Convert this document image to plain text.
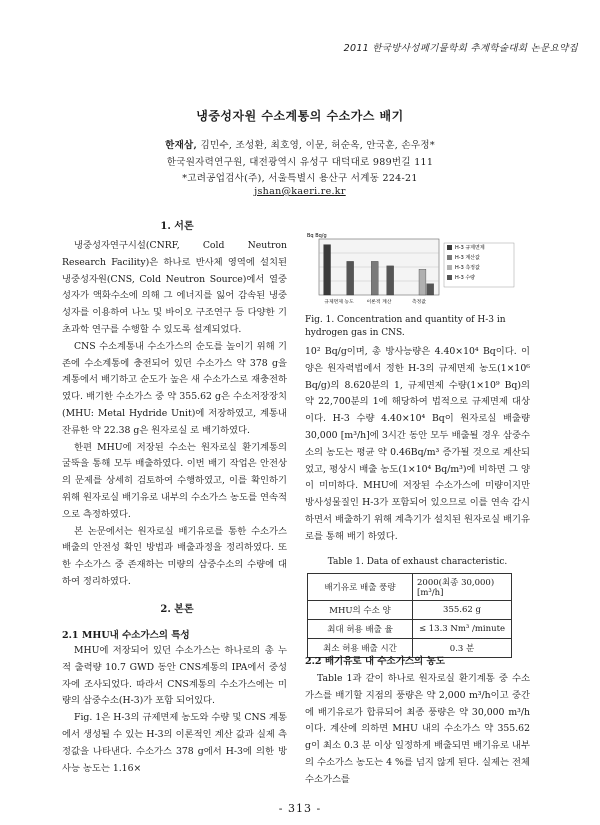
2011 한국방사성폐기물학회 추계학술대회 논문요약집
냉중성자원 수소계통의 수소가스 배기
한재삼, 김민수, 조성환, 최호영, 이문, 허순옥, 안국훈, 손우정*
한국원자력연구원, 대전광역시 유성구 대덕대로 989번길 111
*고려공업검사(주), 서울특별시 용산구 서계동 224-21
jshan@kaeri.re.kr
1. 서론

냉중성자연구시설(CNRF, Cold Neutron Research Facility)은 하나로 반사체 영역에 설치된 냉중성자원(CNS, Cold Neutron Source)에서 열중성자가 액화수소에 의해 그 에너지를 잃어 감속된 냉중성자를 이용하여 나노 및 바이오 구조연구 등 다양한 기초과학 연구를 수행할 수 있도록 설계되었다.

CNS 수소계통내 수소가스의 순도를 높이기 위해 기존에 수소계통에 충전되어 있던 수소가스 약 378 g을 계통에서 배기하고 순도가 높은 새 수소가스로 재충전하였다. 배기한 수소가스 중 약 355.62 g은 수소저장장치(MHU: Metal Hydride Unit)에 저장하였고, 계통내 잔류한 약 22.38 g은 원자로실 로 배기하였다.

한편 MHU에 저장된 수소는 원자로실 환기계통의 굴뚝을 통해 모두 배출하였다. 이번 배기 작업은 안전상의 문제를 상세히 검토하여 수행하였고, 이를 확인하기 위해 원자로실 배기유로 내부의 수소가스 농도를 연속적으로 측정하였다.

본 논문에서는 원자로실 배기유로를 통한 수소가스 배출의 안전성 확인 방법과 배출과정을 정리하였다. 또한 수소가스 중 존재하는 미량의 삼중수소의 수량에 대하여 정리하였다.

2. 본론
2.1 MHU내 수소가스의 특성

MHU에 저장되어 있던 수소가스는 하나로의 총 누적 출력량 10.7 GWD 동안 CNS계통의 IPA에서 중성자에 조사되었다. 따라서 CNS계통의 수소가스에는 미량의 삼중수소(H-3)가 포함 되어있다.

Fig. 1은 H-3의 규제면제 농도와 수량 및 CNS 계통에서 생성될 수 있는 H-3의 이론적인 계산 값과 실제 측정값을 나타낸다. 수소가스 378 g에서 H-3에 의한 방사능 농도는 1.16×

Bq Bq/g
규제면제 농도	이론적 계산	측정값
H-3 규제면제
H-3 계산값
H-3 측정값
H-3 수량
Fig. 1. Concentration and quantity of H-3 in hydrogen gas in CNS.

10² Bq/g이며, 총 방사능량은 4.40×10⁴ Bq이다. 이 양은 원자력법에서 정한 H-3의 규제면제 농도(1×10⁶ Bq/g)의 8.620분의 1, 규제면제 수량(1×10⁹ Bq)의 약 22,700분의 1에 해당하여 법적으로 규제면제 대상이다. H-3 수량 4.40×10⁴ Bq이 원자로실 배출량 30,000 [m³/h]에 3시간 동안 모두 배출될 경우 삼중수소의 농도는 평균 약 0.46Bq/m³ 증가될 것으로 계산되었고, 평상시 배출 농도(1×10⁴ Bq/m³)에 비하면 그 양이 미미하다. MHU에 저장된 수소가스에 미량이지만 방사성물질인 H-3가 포함되어 있으므로 이를 연속 감시하면서 배출하기 위해 계측기가 설치된 원자로실 배기유로를 통해 배기 하였다.

Table 1. Data of exhaust characteristic.
배기유로 배출 풍량	2000(최종 30,000) [m³/h]
MHU의 수소 양	355.62 g
최대 허용 배출 율	≤ 13.3 Nm³ /minute
최소 허용 배출 시간	0.3 분
2.2 배기유로 내 수소가스의 농도

Table 1과 같이 하나로 원자로실 환기계통 중 수소가스를 배기할 지점의 풍량은 약 2,000 m³/h이고 중간에 배기유로가 합류되어 최종 풍량은 약 30,000 m³/h이다. 계산에 의하면 MHU 내의 수소가스 약 355.62 g이 최소 0.3 분 이상 일정하게 배출되면 배기유로 내부의 수소가스 농도는 4 %를 넘지 않게 된다. 실제는 전체 수소가스를

- 313 -
